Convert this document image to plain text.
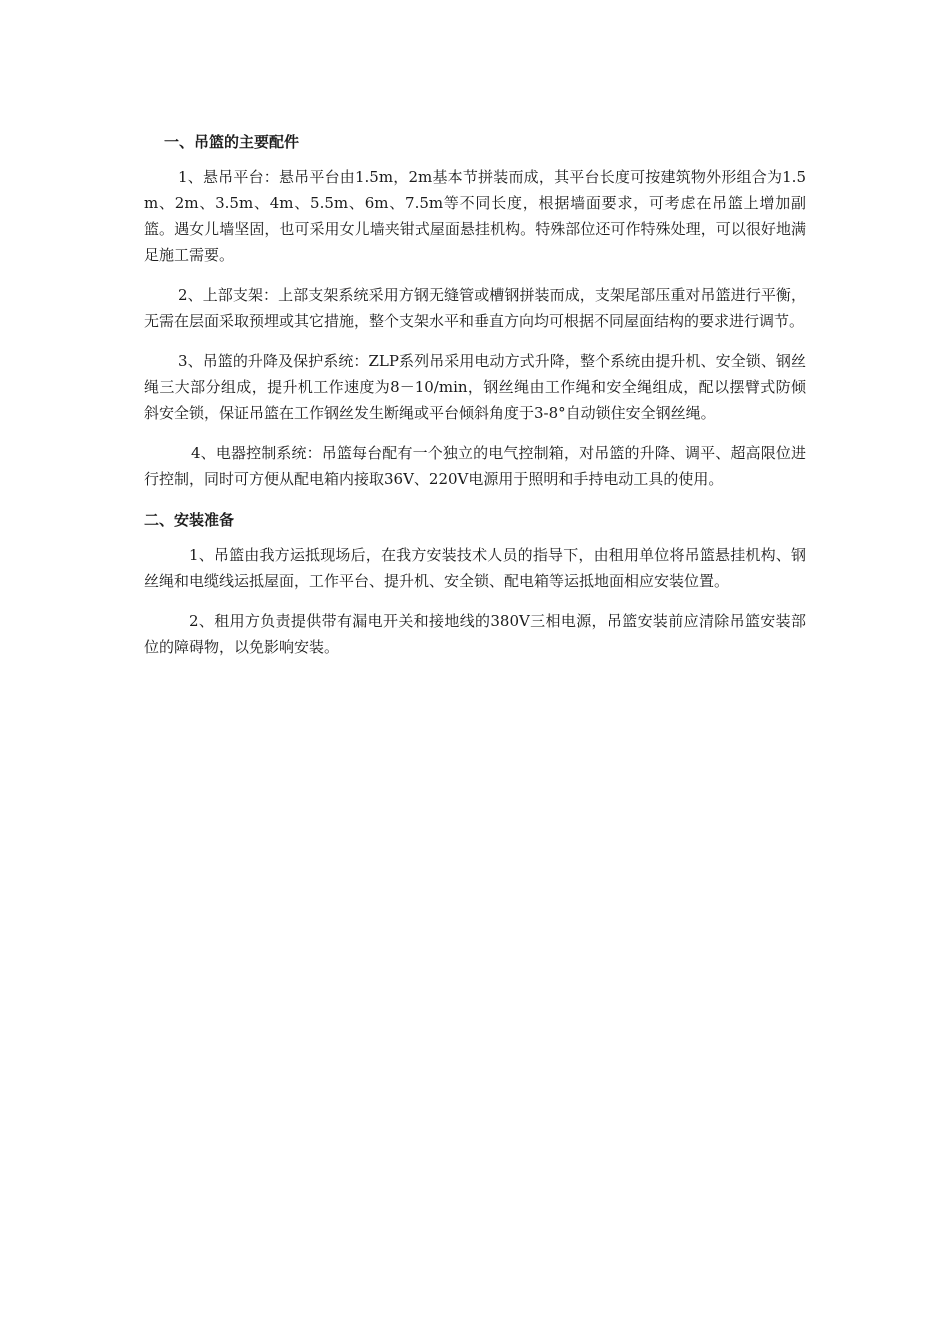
一、吊篮的主要配件

1、悬吊平台：悬吊平台由1.5m，2m基本节拼装而成，其平台长度可按建筑物外形组合为1.5m、2m、3.5m、4m、5.5m、6m、7.5m等不同长度，根据墙面要求，可考虑在吊篮上增加副篮。遇女儿墙坚固，也可采用女儿墙夹钳式屋面悬挂机构。特殊部位还可作特殊处理，可以很好地满足施工需要。

2、上部支架：上部支架系统采用方钢无缝管或槽钢拼装而成，支架尾部压重对吊篮进行平衡，无需在层面采取预埋或其它措施，整个支架水平和垂直方向均可根据不同屋面结构的要求进行调节。

3、吊篮的升降及保护系统：ZLP系列吊采用电动方式升降，整个系统由提升机、安全锁、钢丝绳三大部分组成，提升机工作速度为8－10/min，钢丝绳由工作绳和安全绳组成，配以摆臂式防倾斜安全锁，保证吊篮在工作钢丝发生断绳或平台倾斜角度于3-8°自动锁住安全钢丝绳。

4、电器控制系统：吊篮每台配有一个独立的电气控制箱，对吊篮的升降、调平、超高限位进行控制，同时可方便从配电箱内接取36V、220V电源用于照明和手持电动工具的使用。

二、安装准备

1、吊篮由我方运抵现场后，在我方安装技术人员的指导下，由租用单位将吊篮悬挂机构、钢丝绳和电缆线运抵屋面，工作平台、提升机、安全锁、配电箱等运抵地面相应安装位置。

2、租用方负责提供带有漏电开关和接地线的380V三相电源，吊篮安装前应清除吊篮安装部位的障碍物，以免影响安装。
